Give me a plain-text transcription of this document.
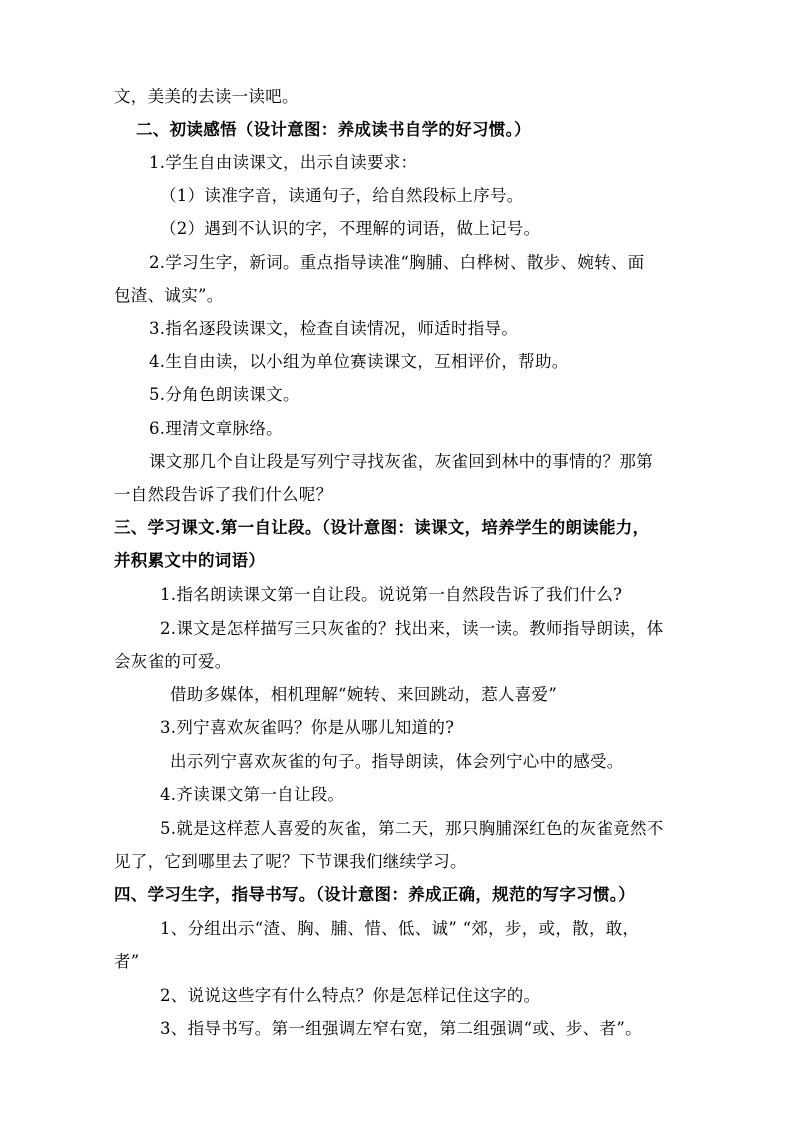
文，美美的去读一读吧。
二、初读感悟（设计意图：养成读书自学的好习惯。）
1.学生自由读课文，出示自读要求：
（1）读准字音，读通句子，给自然段标上序号。
（2）遇到不认识的字，不理解的词语，做上记号。
2.学习生字，新词。重点指导读准“胸脯、白桦树、散步、婉转、面
包渣、诚实”。
3.指名逐段读课文，检查自读情况，师适时指导。
4.生自由读，以小组为单位赛读课文，互相评价，帮助。
5.分角色朗读课文。
6.理清文章脉络。
课文那几个自让段是写列宁寻找灰雀，灰雀回到林中的事情的？那第
一自然段告诉了我们什么呢？
三、学习课文.第一自让段。（设计意图：读课文，培养学生的朗读能力，
并积累文中的词语）
1.指名朗读课文第一自让段。说说第一自然段告诉了我们什么?
2.课文是怎样描写三只灰雀的？找出来，读一读。教师指导朗读，体
会灰雀的可爱。
借助多媒体，相机理解“婉转、来回跳动，惹人喜爱”
3.列宁喜欢灰雀吗？你是从哪儿知道的?
出示列宁喜欢灰雀的句子。指导朗读，体会列宁心中的感受。
4.齐读课文第一自让段。
5.就是这样惹人喜爱的灰雀，第二天，那只胸脯深红色的灰雀竟然不
见了，它到哪里去了呢？下节课我们继续学习。
四、学习生字，指导书写。（设计意图：养成正确，规范的写字习惯。）
1、分组出示“渣、胸、脯、惜、低、诚” “郊，步，或，散，敢，
者”
2、说说这些字有什么特点？你是怎样记住这字的。
3、指导书写。第一组强调左窄右宽，第二组强调“或、步、者”。
